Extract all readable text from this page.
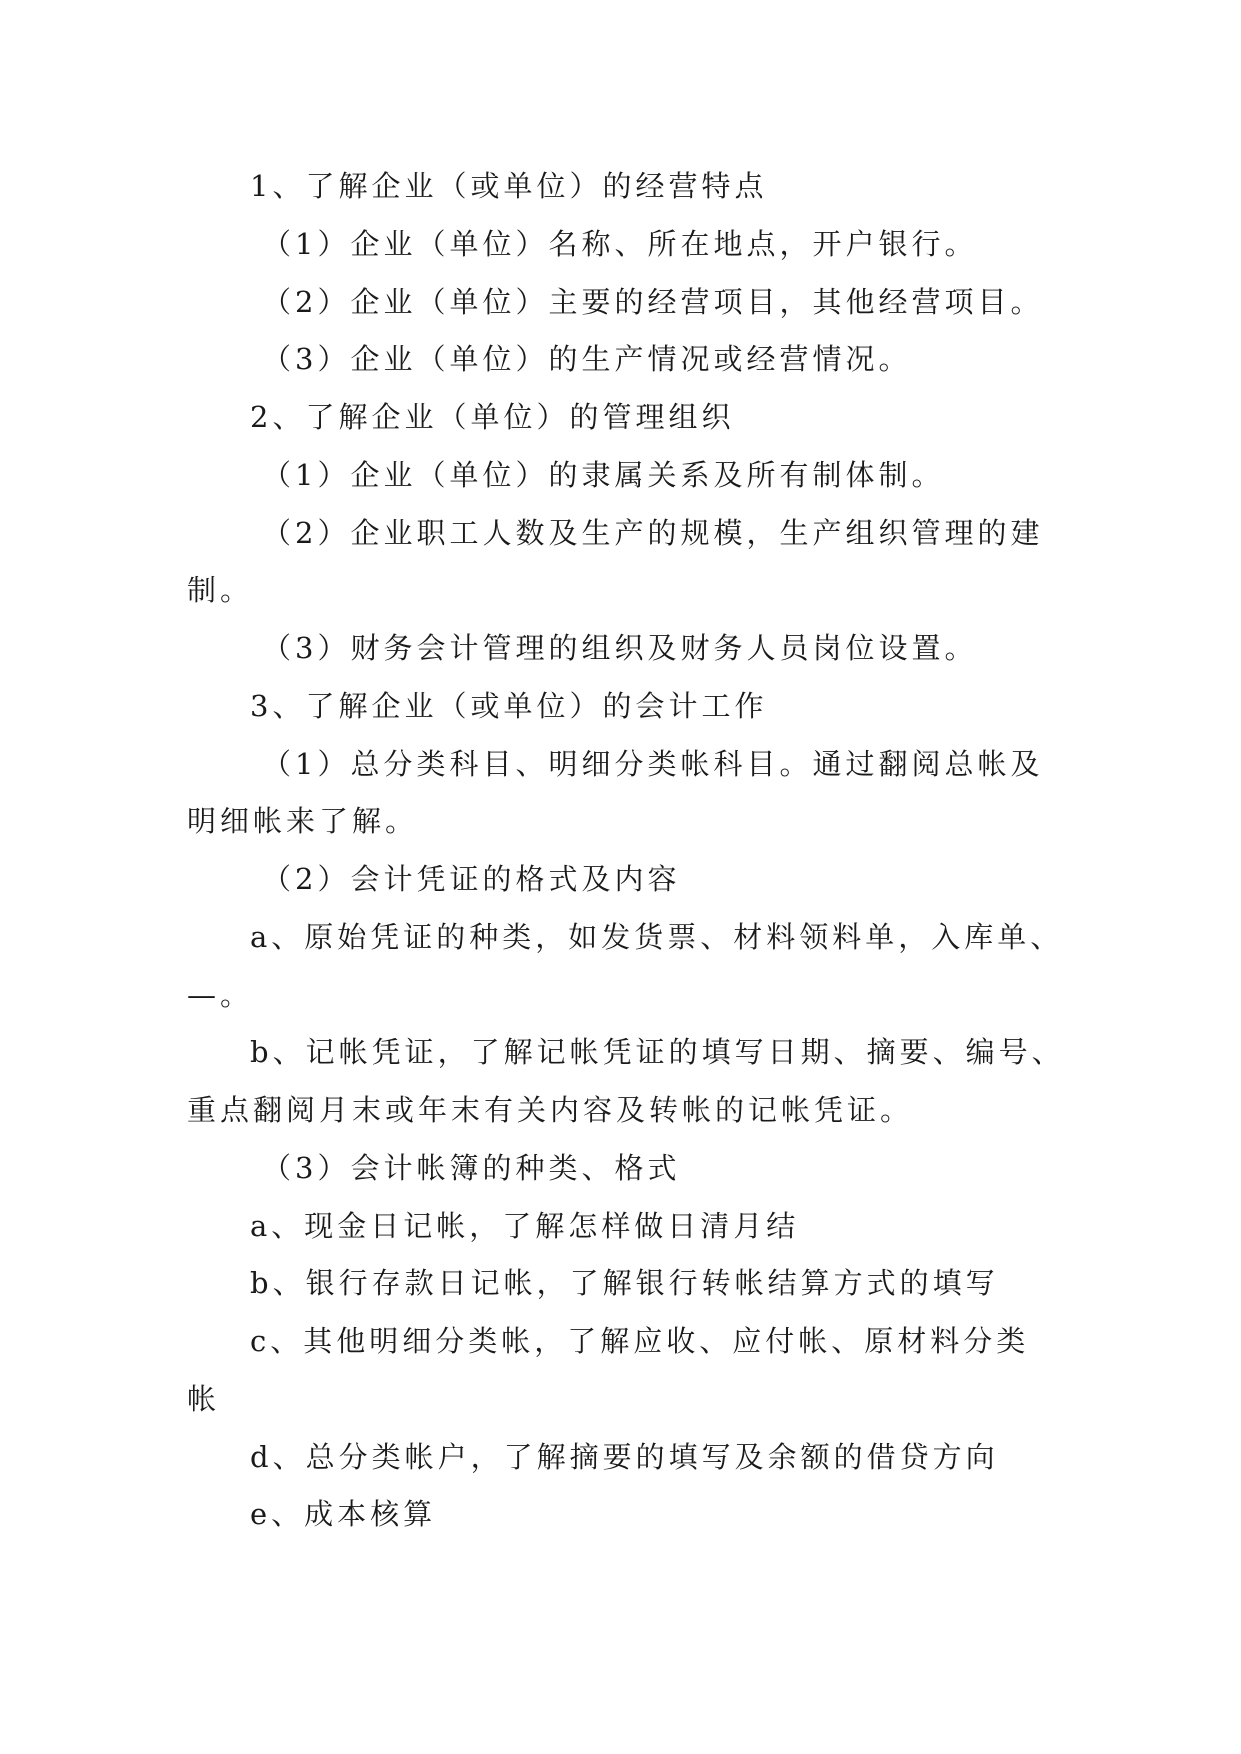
1、了解企业（或单位）的经营特点
（1）企业（单位）名称、所在地点，开户银行。
（2）企业（单位）主要的经营项目，其他经营项目。
（3）企业（单位）的生产情况或经营情况。
2、了解企业（单位）的管理组织
（1）企业（单位）的隶属关系及所有制体制。
（2）企业职工人数及生产的规模，生产组织管理的建
制。
（3）财务会计管理的组织及财务人员岗位设置。
3、了解企业（或单位）的会计工作
（1）总分类科目、明细分类帐科目。通过翻阅总帐及
明细帐来了解。
（2）会计凭证的格式及内容
a、原始凭证的种类，如发货票、材料领料单，入库单、
—。
b、记帐凭证，了解记帐凭证的填写日期、摘要、编号、
重点翻阅月末或年末有关内容及转帐的记帐凭证。
（3）会计帐簿的种类、格式
a、现金日记帐，了解怎样做日清月结
b、银行存款日记帐，了解银行转帐结算方式的填写
c、其他明细分类帐，了解应收、应付帐、原材料分类
帐
d、总分类帐户，了解摘要的填写及余额的借贷方向
e、成本核算
